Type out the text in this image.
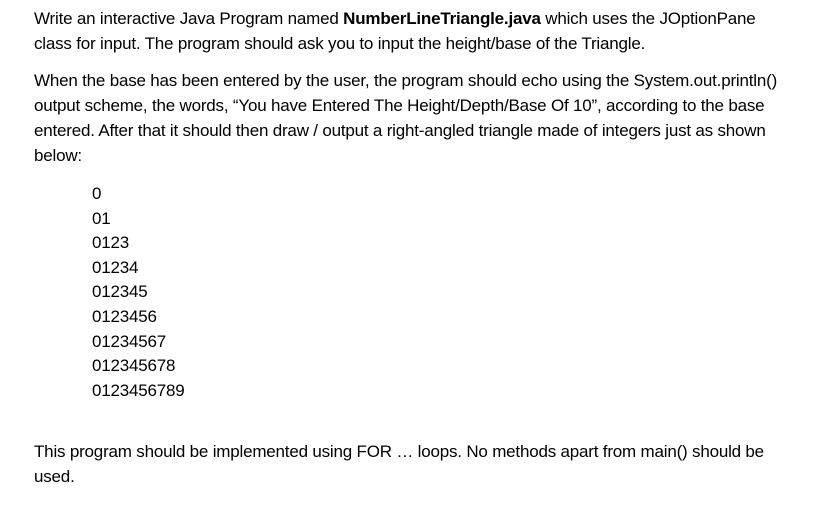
Write an interactive Java Program named NumberLineTriangle.java which uses the JOptionPane class for input. The program should ask you to input the height/base of the Triangle.

When the base has been entered by the user, the program should echo using the System.out.println() output scheme, the words, “You have Entered The Height/Depth/Base Of 10”, according to the base entered. After that it should then draw / output a right-angled triangle made of integers just as shown below:

0
01
0123
01234
012345
0123456
01234567
012345678
0123456789

This program should be implemented using FOR … loops. No methods apart from main() should be used.
